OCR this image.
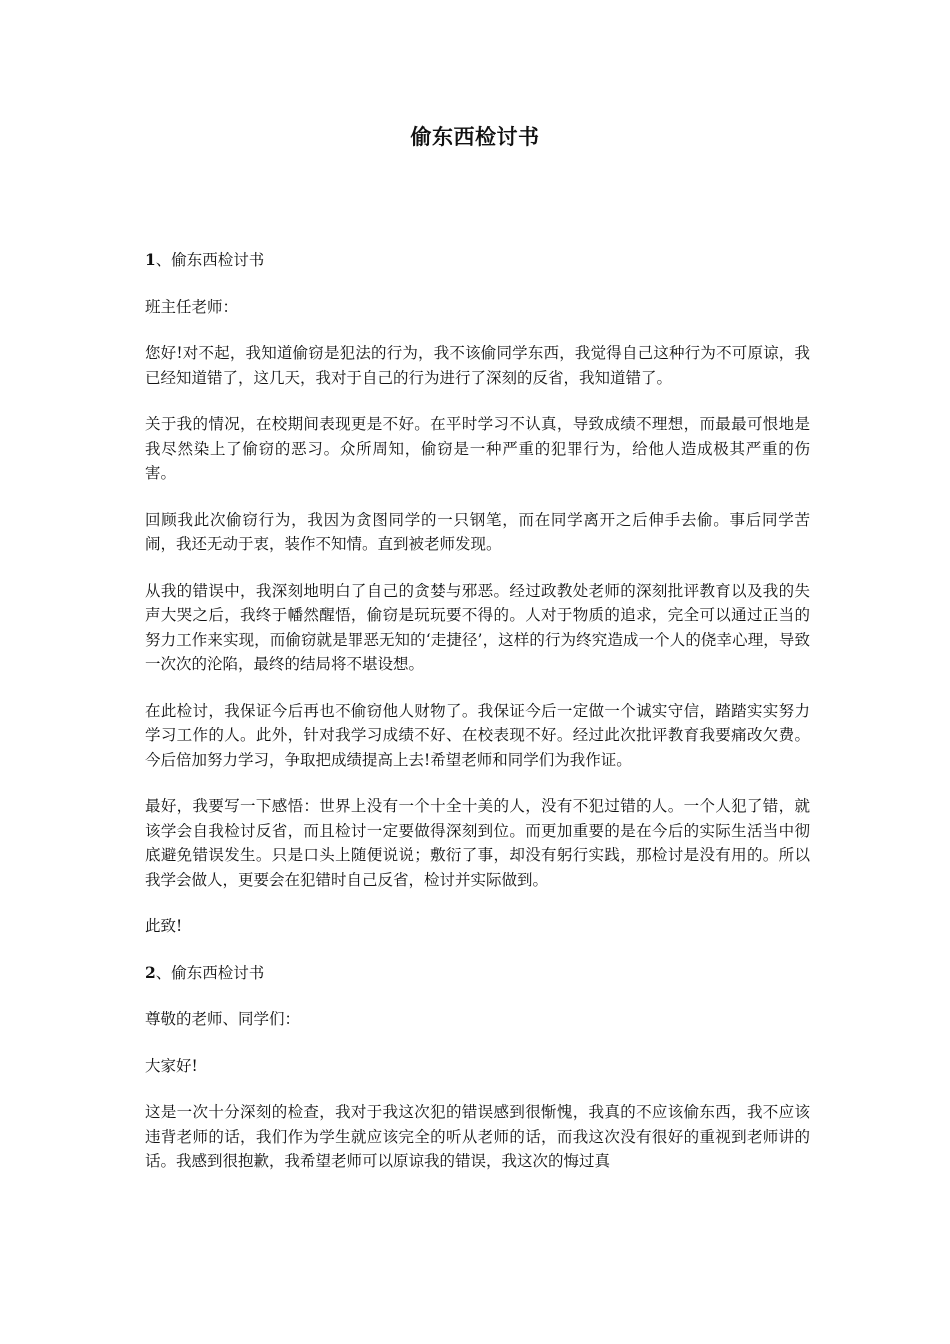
偷东西检讨书

1、偷东西检讨书

班主任老师：

您好!对不起，我知道偷窃是犯法的行为，我不该偷同学东西，我觉得自己这种行为不可原谅，我已经知道错了，这几天，我对于自己的行为进行了深刻的反省，我知道错了。

关于我的情况，在校期间表现更是不好。在平时学习不认真，导致成绩不理想，而最最可恨地是我尽然染上了偷窃的恶习。众所周知，偷窃是一种严重的犯罪行为，给他人造成极其严重的伤害。

回顾我此次偷窃行为，我因为贪图同学的一只钢笔，而在同学离开之后伸手去偷。事后同学苦闹，我还无动于衷，装作不知情。直到被老师发现。

从我的错误中，我深刻地明白了自己的贪婪与邪恶。经过政教处老师的深刻批评教育以及我的失声大哭之后，我终于幡然醒悟，偷窃是玩玩要不得的。人对于物质的追求，完全可以通过正当的努力工作来实现，而偷窃就是罪恶无知的‘走捷径’，这样的行为终究造成一个人的侥幸心理，导致一次次的沦陷，最终的结局将不堪设想。

在此检讨，我保证今后再也不偷窃他人财物了。我保证今后一定做一个诚实守信，踏踏实实努力学习工作的人。此外，针对我学习成绩不好、在校表现不好。经过此次批评教育我要痛改欠费。今后倍加努力学习，争取把成绩提高上去!希望老师和同学们为我作证。

最好，我要写一下感悟：世界上没有一个十全十美的人，没有不犯过错的人。一个人犯了错，就该学会自我检讨反省，而且检讨一定要做得深刻到位。而更加重要的是在今后的实际生活当中彻底避免错误发生。只是口头上随便说说；敷衍了事，却没有躬行实践，那检讨是没有用的。所以我学会做人，更要会在犯错时自己反省，检讨并实际做到。

此致!

2、偷东西检讨书

尊敬的老师、同学们：

大家好!

这是一次十分深刻的检查，我对于我这次犯的错误感到很惭愧，我真的不应该偷东西，我不应该违背老师的话，我们作为学生就应该完全的听从老师的话，而我这次没有很好的重视到老师讲的话。我感到很抱歉，我希望老师可以原谅我的错误，我这次的悔过真
